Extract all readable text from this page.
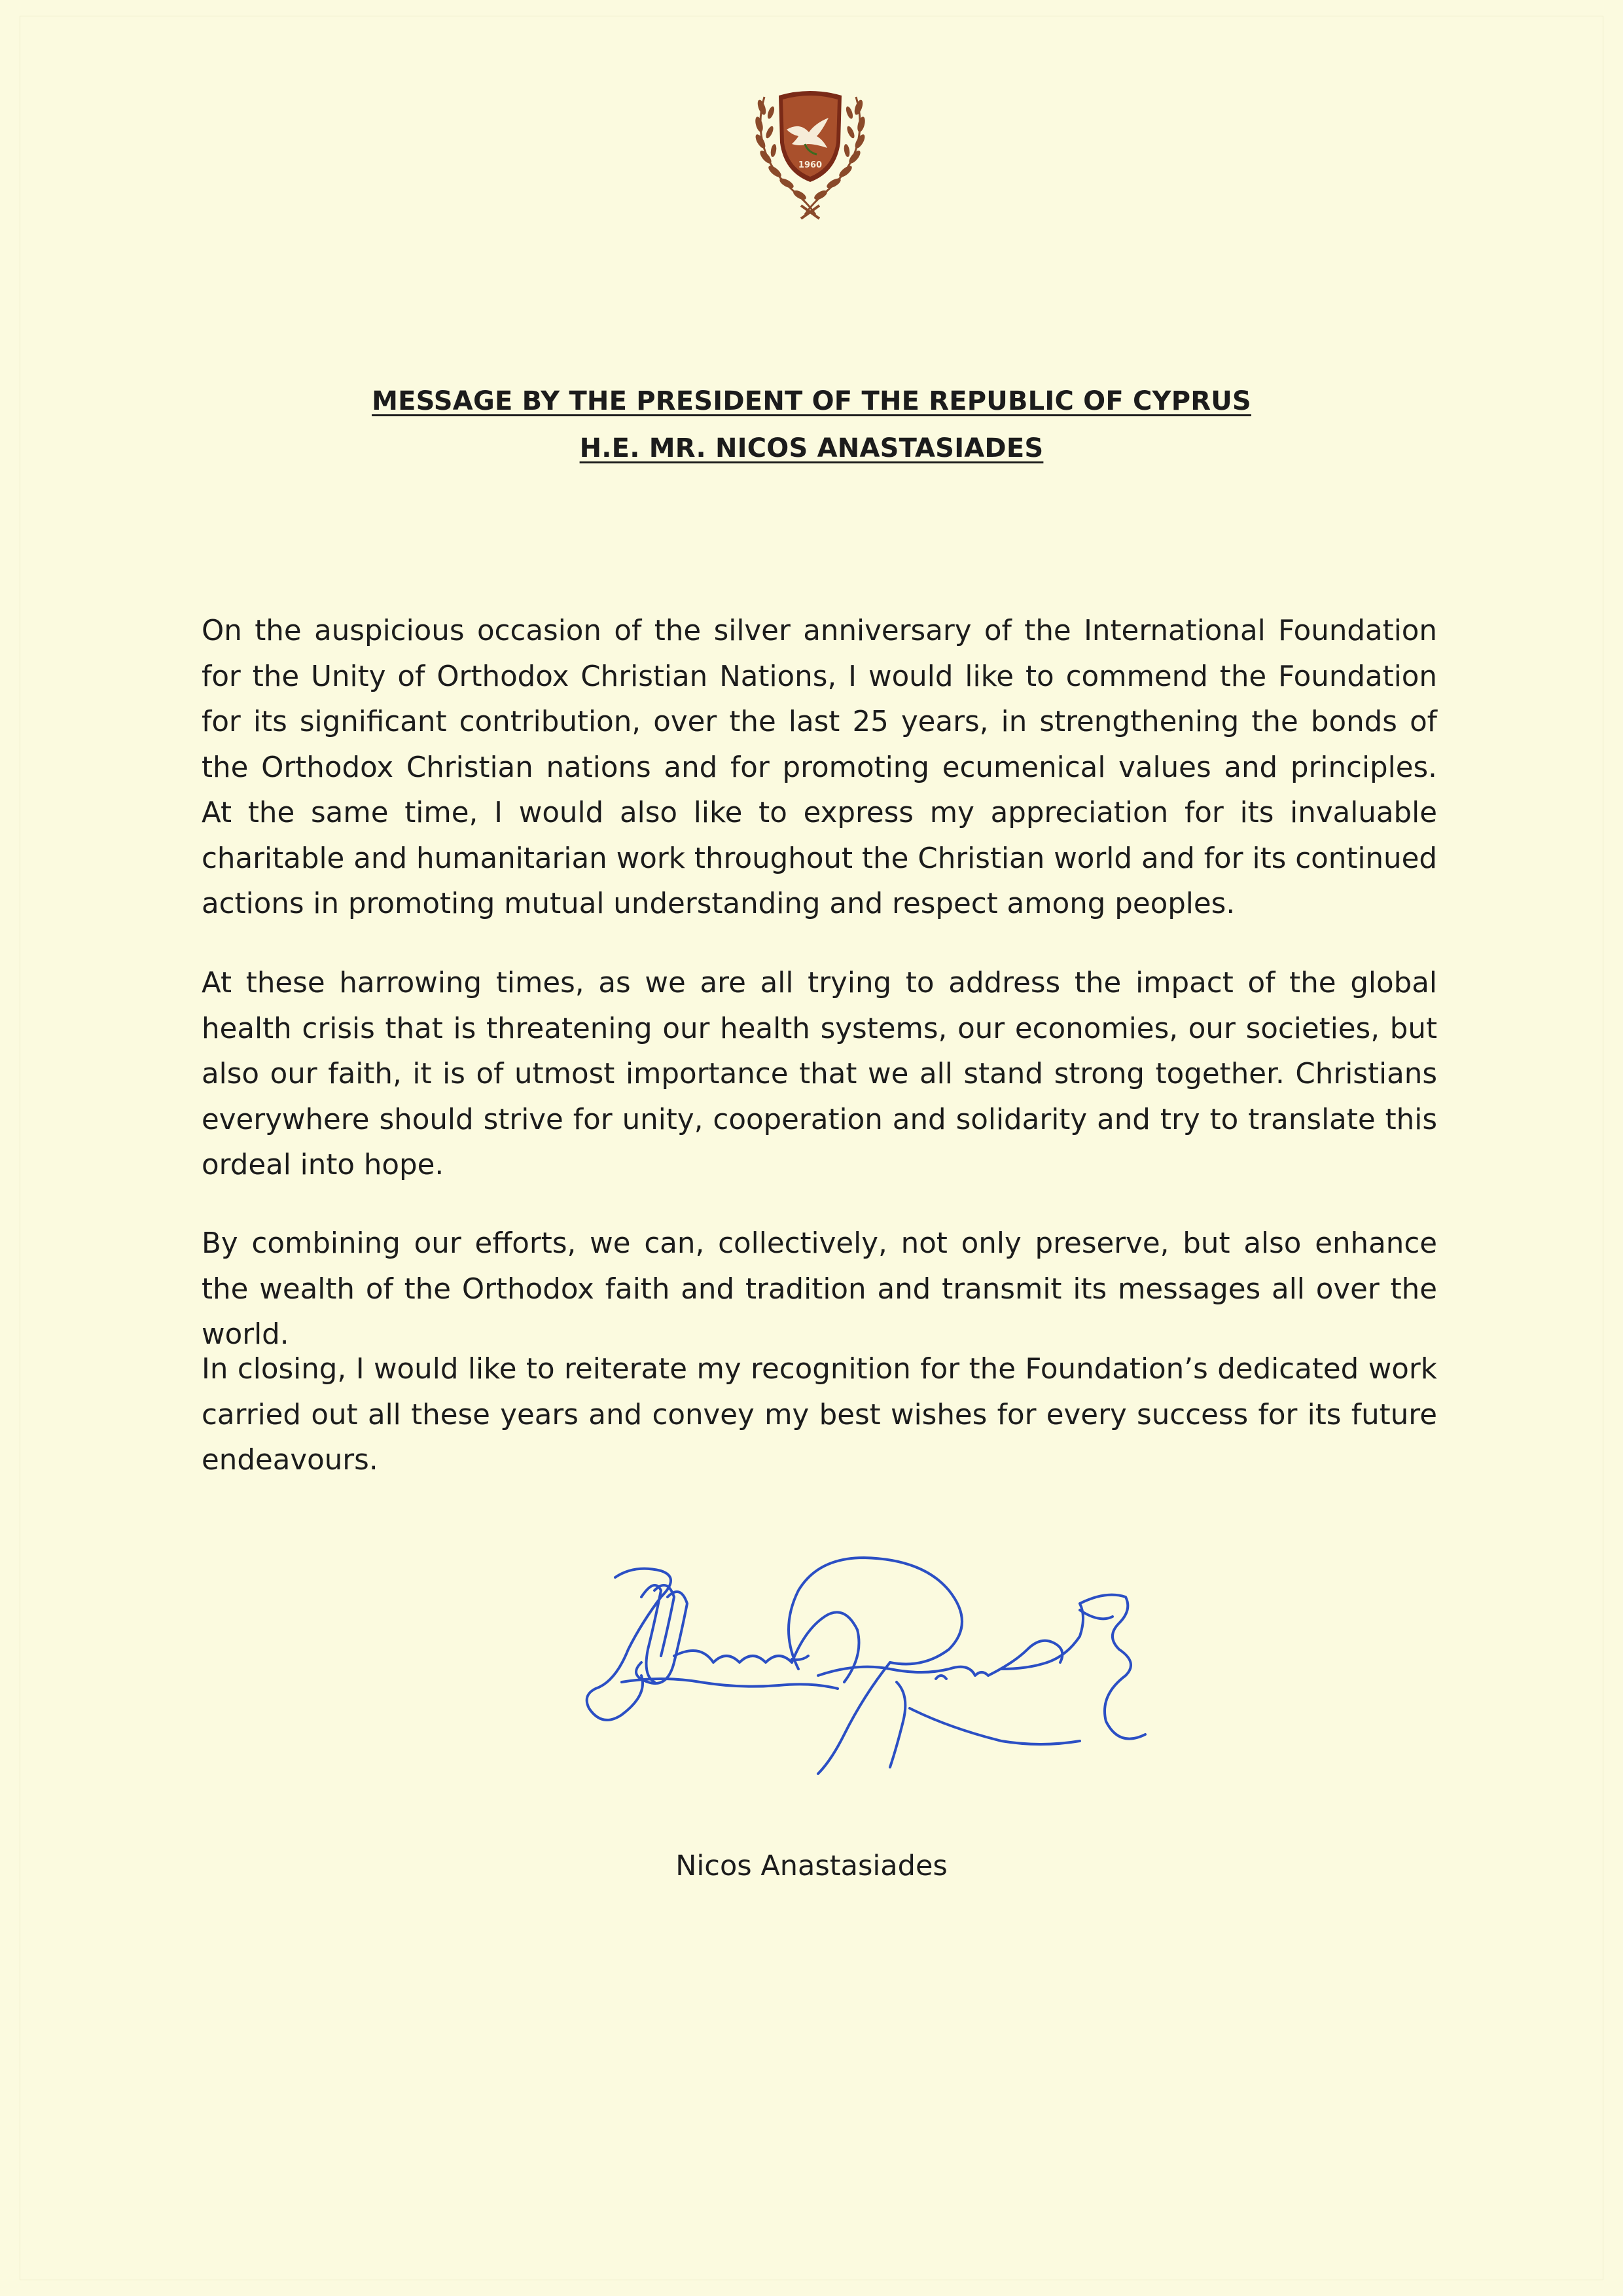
1960
MESSAGE BY THE PRESIDENT OF THE REPUBLIC OF CYPRUS
H.E. MR. NICOS ANASTASIADES

On the auspicious occasion of the silver anniversary of the International Foundation for the Unity of Orthodox Christian Nations, I would like to commend the Foundation for its significant contribution, over the last 25 years, in strengthening the bonds of the Orthodox Christian nations and for promoting ecumenical values and principles. At the same time, I would also like to express my appreciation for its invaluable charitable and humanitarian work throughout the Christian world and for its continued actions in promoting mutual understanding and respect among peoples.

At these harrowing times, as we are all trying to address the impact of the global health crisis that is threatening our health systems, our economies, our societies, but also our faith, it is of utmost importance that we all stand strong together. Christians everywhere should strive for unity, cooperation and solidarity and try to translate this ordeal into hope.

By combining our efforts, we can, collectively, not only preserve, but also enhance the wealth of the Orthodox faith and tradition and transmit its messages all over the world.

In closing, I would like to reiterate my recognition for the Foundation’s dedicated work carried out all these years and convey my best wishes for every success for its future endeavours.

Nicos Anastasiades
